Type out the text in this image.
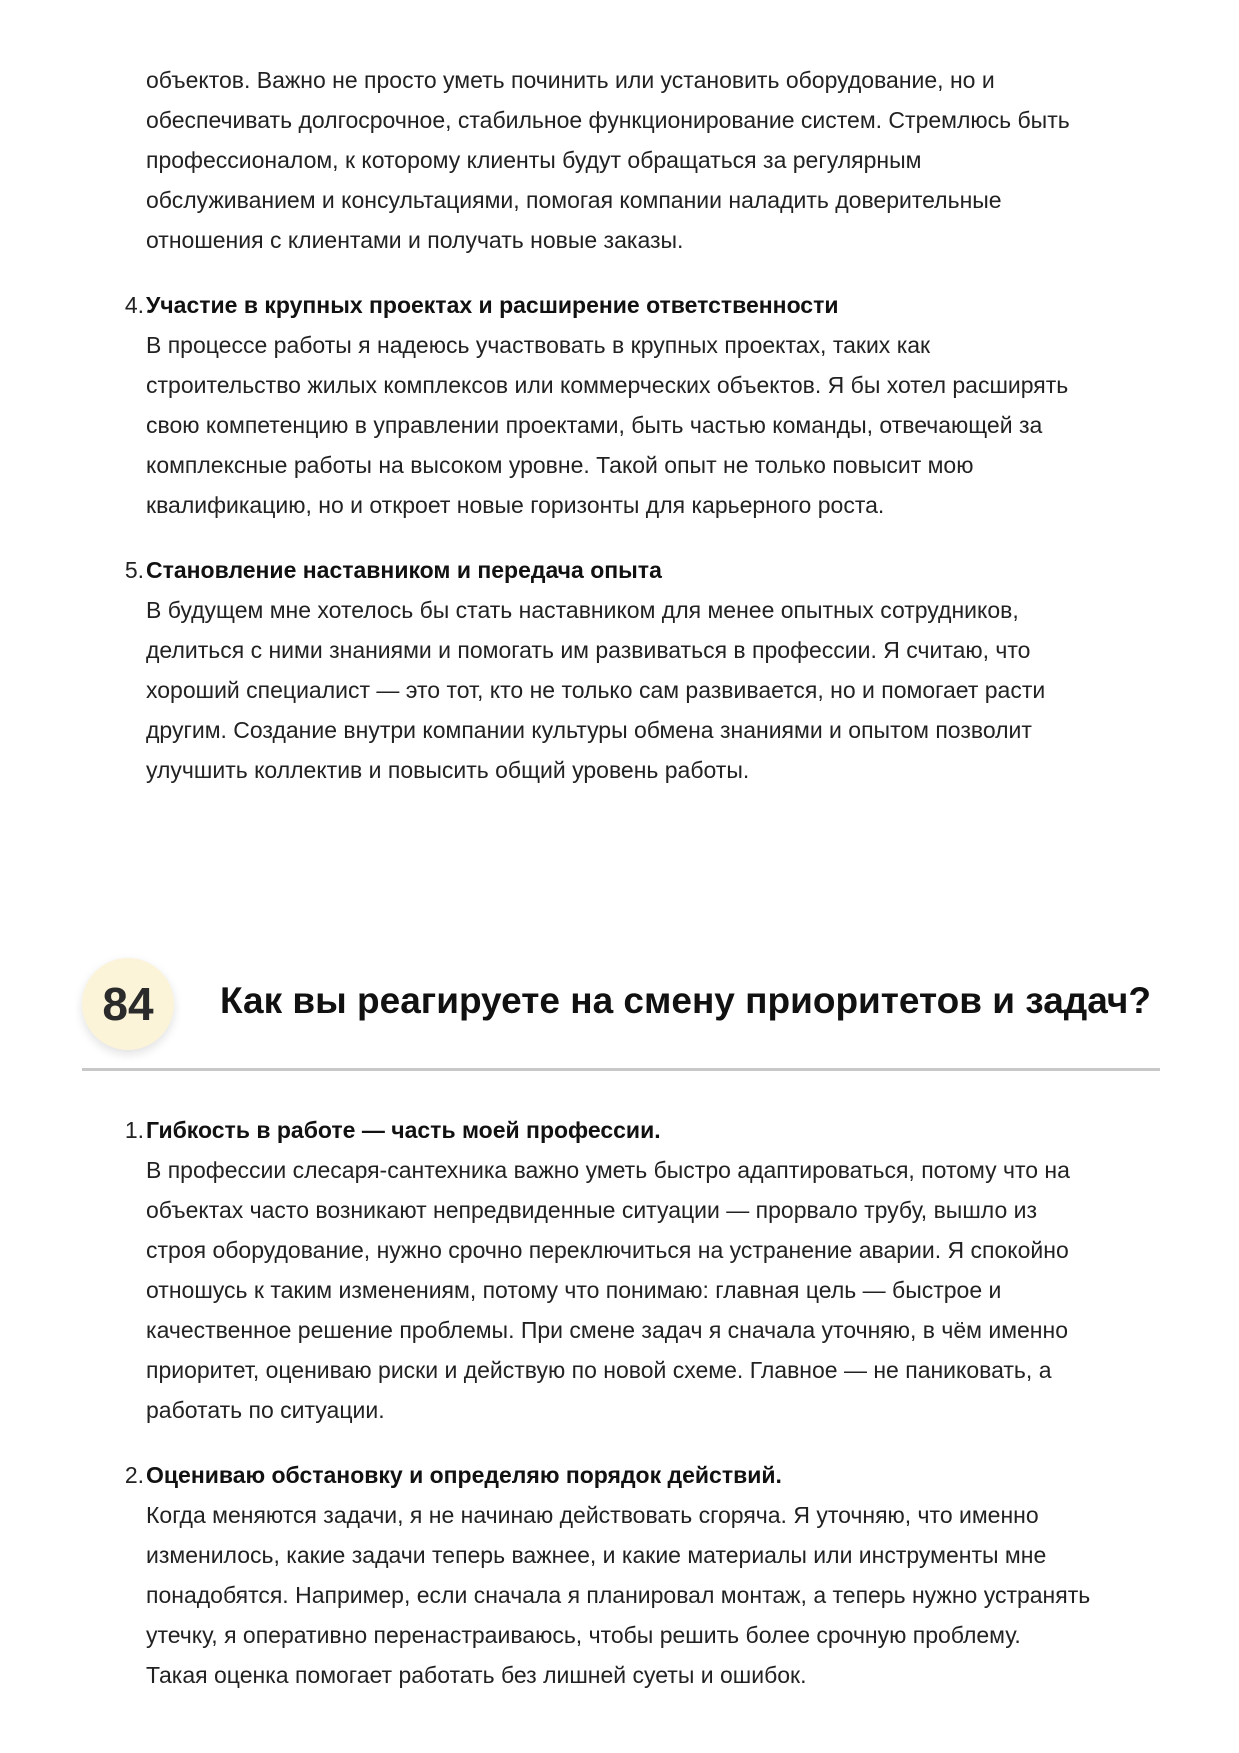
объектов. Важно не просто уметь починить или установить оборудование, но и
обеспечивать долгосрочное, стабильное функционирование систем. Стремлюсь быть
профессионалом, к которому клиенты будут обращаться за регулярным
обслуживанием и консультациями, помогая компании наладить доверительные
отношения с клиентами и получать новые заказы.
4. Участие в крупных проектах и расширение ответственности
В процессе работы я надеюсь участвовать в крупных проектах, таких как
строительство жилых комплексов или коммерческих объектов. Я бы хотел расширять
свою компетенцию в управлении проектами, быть частью команды, отвечающей за
комплексные работы на высоком уровне. Такой опыт не только повысит мою
квалификацию, но и откроет новые горизонты для карьерного роста.
5. Становление наставником и передача опыта
В будущем мне хотелось бы стать наставником для менее опытных сотрудников,
делиться с ними знаниями и помогать им развиваться в профессии. Я считаю, что
хороший специалист — это тот, кто не только сам развивается, но и помогает расти
другим. Создание внутри компании культуры обмена знаниями и опытом позволит
улучшить коллектив и повысить общий уровень работы.
84	Как вы реагируете на смену приоритетов и задач?
1. Гибкость в работе — часть моей профессии.
В профессии слесаря-сантехника важно уметь быстро адаптироваться, потому что на
объектах часто возникают непредвиденные ситуации — прорвало трубу, вышло из
строя оборудование, нужно срочно переключиться на устранение аварии. Я спокойно
отношусь к таким изменениям, потому что понимаю: главная цель — быстрое и
качественное решение проблемы. При смене задач я сначала уточняю, в чём именно
приоритет, оцениваю риски и действую по новой схеме. Главное — не паниковать, а
работать по ситуации.
2. Оцениваю обстановку и определяю порядок действий.
Когда меняются задачи, я не начинаю действовать сгоряча. Я уточняю, что именно
изменилось, какие задачи теперь важнее, и какие материалы или инструменты мне
понадобятся. Например, если сначала я планировал монтаж, а теперь нужно устранять
утечку, я оперативно перенастраиваюсь, чтобы решить более срочную проблему.
Такая оценка помогает работать без лишней суеты и ошибок.
